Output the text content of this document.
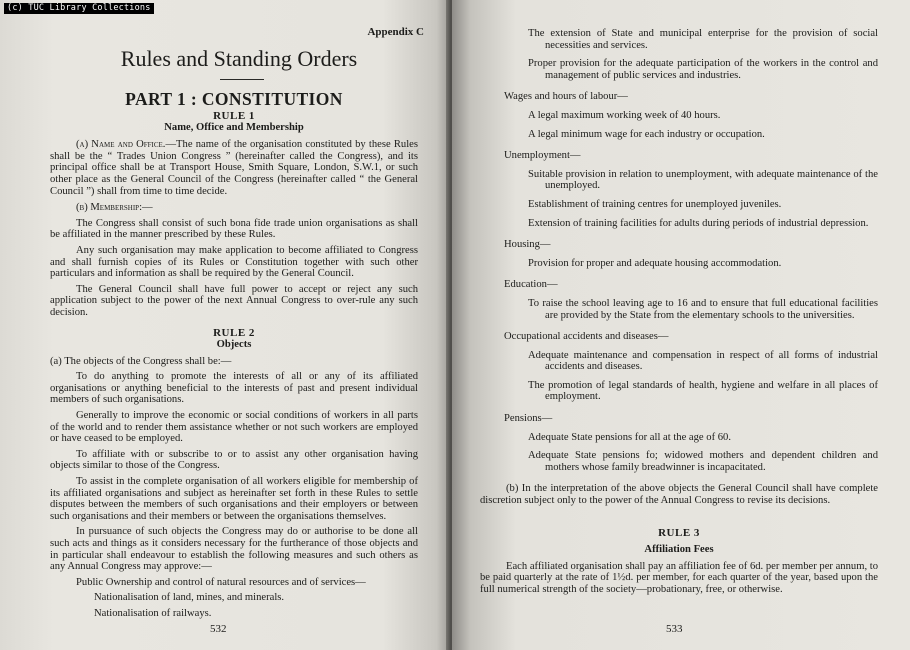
(c) TUC Library Collections
Appendix C
Rules and Standing Orders
PART 1 : CONSTITUTION
RULE 1
Name, Office and Membership

(a) Name and Office.—The name of the organisation constituted by these Rules shall be the “ Trades Union Congress ” (hereinafter called the Congress), and its principal office shall be at Transport House, Smith Square, London, S.W.1, or such other place as the General Council of the Congress (hereinafter called “ the General Council ”) shall from time to time decide.

(b) Membership:—

The Congress shall consist of such bona fide trade union organisations as shall be affiliated in the manner prescribed by these Rules.

Any such organisation may make application to become affiliated to Congress and shall furnish copies of its Rules or Constitution together with such other particulars and information as shall be required by the General Council.

The General Council shall have full power to accept or reject any such application subject to the power of the next Annual Congress to over-rule any such decision.

RULE 2
Objects

(a) The objects of the Congress shall be:—

To do anything to promote the interests of all or any of its affiliated organisations or anything beneficial to the interests of past and present individual members of such organisations.

Generally to improve the economic or social conditions of workers in all parts of the world and to render them assistance whether or not such workers are employed or have ceased to be employed.

To affiliate with or subscribe to or to assist any other organisation having objects similar to those of the Congress.

To assist in the complete organisation of all workers eligible for membership of its affiliated organisations and subject as hereinafter set forth in these Rules to settle disputes between the members of such organisations and their employers or between such organisations and their members or between the organisations themselves.

In pursuance of such objects the Congress may do or authorise to be done all such acts and things as it considers necessary for the furtherance of those objects and in particular shall endeavour to establish the following measures and such others as any Annual Congress may approve:—

Public Ownership and control of natural resources and of services—

Nationalisation of land, mines, and minerals.

Nationalisation of railways.

532

The extension of State and municipal enterprise for the provision of social necessities and services.

Proper provision for the adequate participation of the workers in the control and management of public services and industries.

Wages and hours of labour—

A legal maximum working week of 40 hours.

A legal minimum wage for each industry or occupation.

Unemployment—

Suitable provision in relation to unemployment, with adequate maintenance of the unemployed.

Establishment of training centres for unemployed juveniles.

Extension of training facilities for adults during periods of industrial depression.

Housing—

Provision for proper and adequate housing accommodation.

Education—

To raise the school leaving age to 16 and to ensure that full educational facilities are provided by the State from the elementary schools to the universities.

Occupational accidents and diseases—

Adequate maintenance and compensation in respect of all forms of industrial accidents and diseases.

The promotion of legal standards of health, hygiene and welfare in all places of employment.

Pensions—

Adequate State pensions for all at the age of 60.

Adequate State pensions fo; widowed mothers and dependent children and mothers whose family breadwinner is incapacitated.

(b) In the interpretation of the above objects the General Council shall have complete discretion subject only to the power of the Annual Congress to revise its decisions.

RULE 3
Affiliation Fees

Each affiliated organisation shall pay an affiliation fee of 6d. per member per annum, to be paid quarterly at the rate of 1½d. per member, for each quarter of the year, based upon the full numerical strength of the society—probationary, free, or otherwise.

533
